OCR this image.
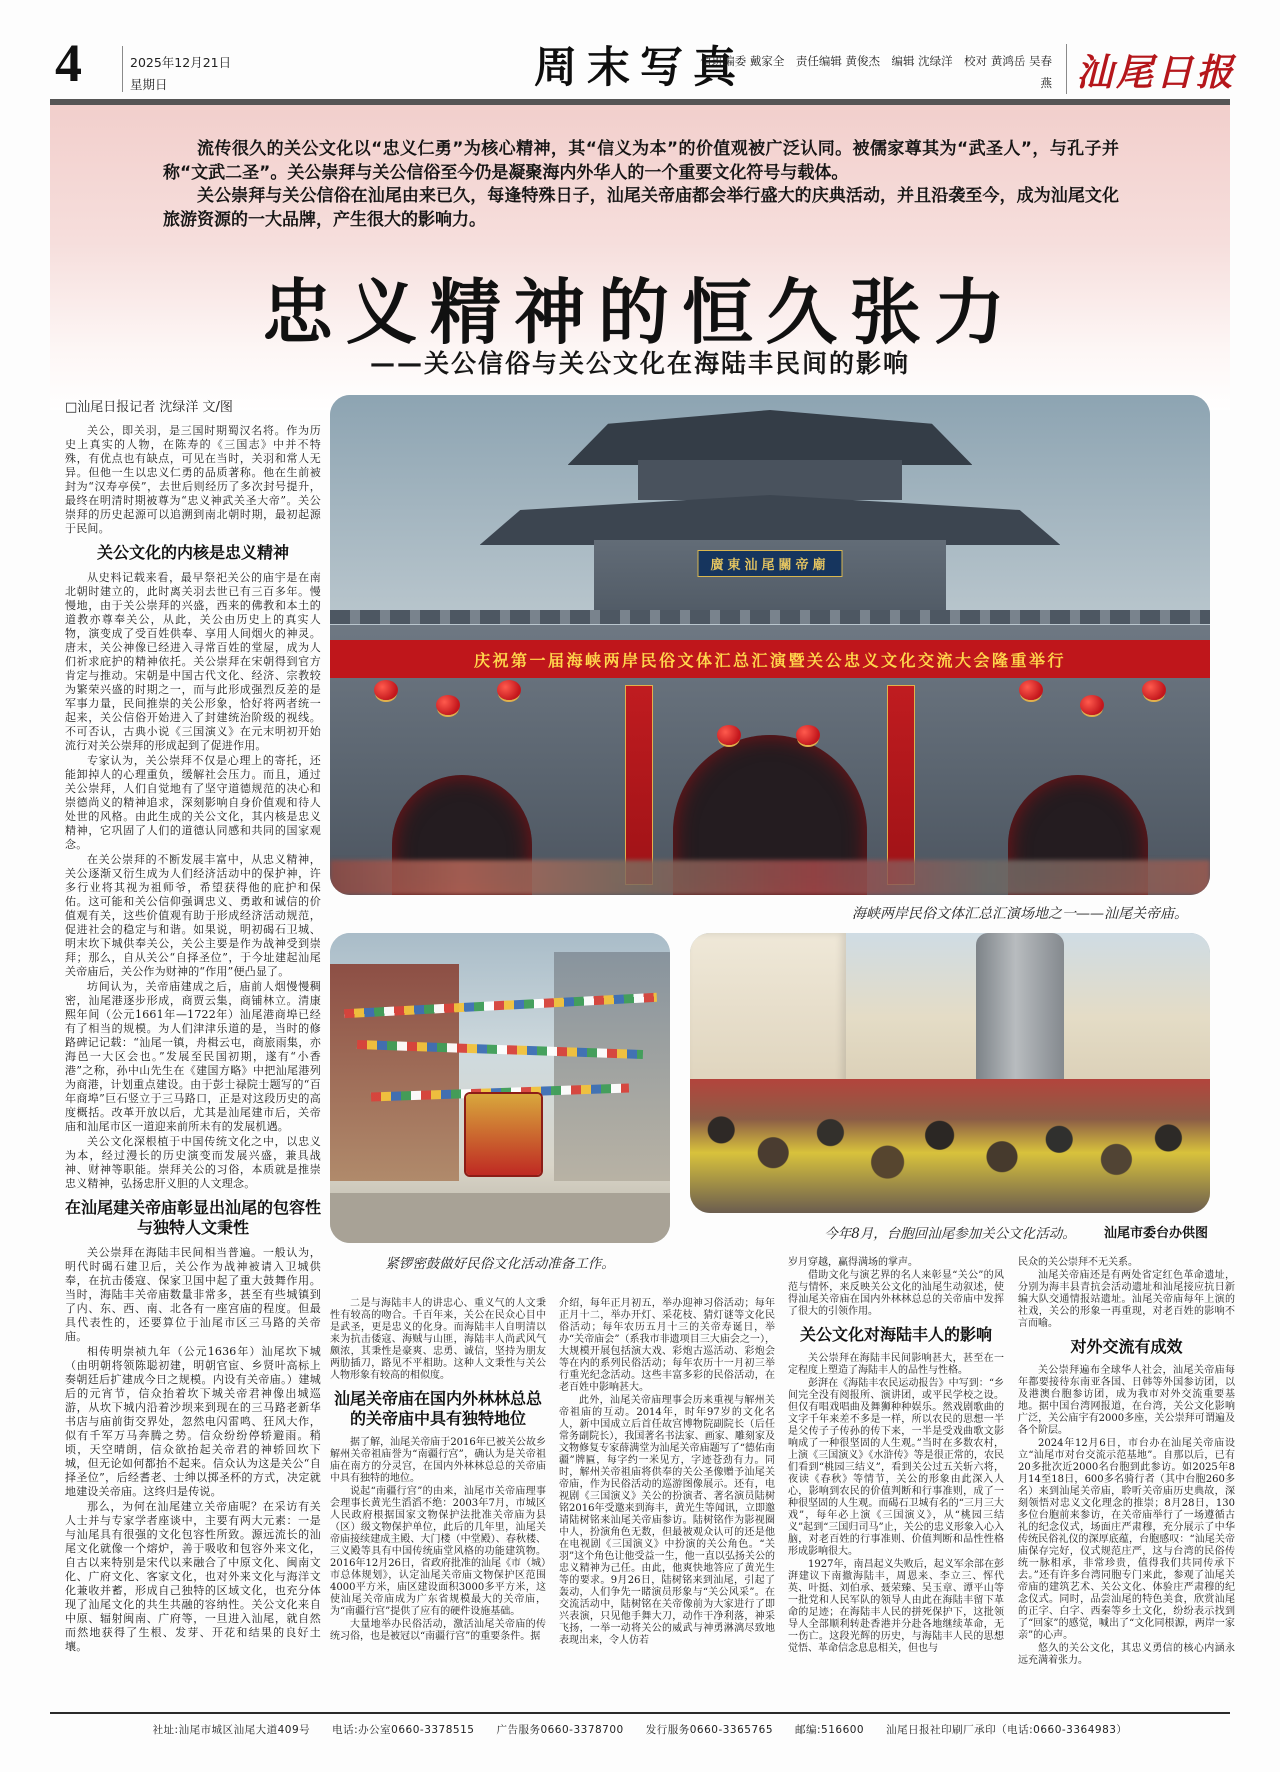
4	2025年12月21日
星期日	周末写真
值班编委 戴家全　责任编辑 黄俊杰　编辑 沈绿洋　校对 黄鸿岳 吴春燕 汕尾日报

流传很久的关公文化以“忠义仁勇”为核心精神，其“信义为本”的价值观被广泛认同。被儒家尊其为“武圣人”，与孔子并称“文武二圣”。关公崇拜与关公信俗至今仍是凝聚海内外华人的一个重要文化符号与载体。

关公崇拜与关公信俗在汕尾由来已久，每逢特殊日子，汕尾关帝庙都会举行盛大的庆典活动，并且沿袭至今，成为汕尾文化旅游资源的一大品牌，产生很大的影响力。

忠义精神的恒久张力
——关公信俗与关公文化在海陆丰民间的影响
□汕尾日报记者 沈绿洋 文/图

关公，即关羽，是三国时期蜀汉名将。作为历史上真实的人物，在陈寿的《三国志》中并不特殊，有优点也有缺点，可见在当时，关羽和常人无异。但他一生以忠义仁勇的品质著称。他在生前被封为“汉寿亭侯”，去世后则经历了多次封号提升，最终在明清时期被尊为“忠义神武关圣大帝”。关公崇拜的历史起源可以追溯到南北朝时期，最初起源于民间。

关公文化的内核是忠义精神

从史料记载来看，最早祭祀关公的庙宇是在南北朝时建立的，此时离关羽去世已有三百多年。慢慢地，由于关公崇拜的兴盛，西来的佛教和本土的道教亦尊奉关公，从此，关公由历史上的真实人物，演变成了受百姓供奉、享用人间烟火的神灵。唐末，关公神像已经进入寻常百姓的堂屋，成为人们祈求庇护的精神依托。关公崇拜在宋朝得到官方肯定与推动。宋朝是中国古代文化、经济、宗教较为繁荣兴盛的时期之一，而与此形成强烈反差的是军事力量，民间推崇的关公形象，恰好将两者统一起来，关公信俗开始进入了封建统治阶级的视线。不可否认，古典小说《三国演义》在元末明初开始流行对关公崇拜的形成起到了促进作用。

专家认为，关公崇拜不仅是心理上的寄托，还能卸掉人的心理重负，缓解社会压力。而且，通过关公崇拜，人们自觉地有了坚守道德规范的决心和崇德尚义的精神追求，深刻影响自身价值观和待人处世的风格。由此生成的关公文化，其内核是忠义精神，它巩固了人们的道德认同感和共同的国家观念。

在关公崇拜的不断发展丰富中，从忠义精神，关公逐渐又衍生成为人们经济活动中的保护神，许多行业将其视为祖师爷，希望获得他的庇护和保佑。这可能和关公信仰强调忠义、勇敢和诚信的价值观有关，这些价值观有助于形成经济活动规范，促进社会的稳定与和谐。如果说，明初碣石卫城、明末坎下城供奉关公，关公主要是作为战神受到崇拜；那么，自从关公“自择圣位”，于今址建起汕尾关帝庙后，关公作为财神的“作用”便凸显了。

坊间认为，关帝庙建成之后，庙前人烟慢慢稠密，汕尾港逐步形成，商贾云集，商铺林立。清康熙年间（公元1661年—1722年）汕尾港商埠已经有了相当的规模。为人们津津乐道的是，当时的修路碑记记载：“汕尾一镇，舟楫云屯，商旅雨集，亦海邑一大区会也。”发展至民国初期，遂有“小香港”之称，孙中山先生在《建国方略》中把汕尾港列为商港，计划重点建设。由于彭士禄院士题写的“百年商埠”巨石竖立于三马路口，正是对这段历史的高度概括。改革开放以后，尤其是汕尾建市后，关帝庙和汕尾市区一道迎来前所未有的发展机遇。

关公文化深根植于中国传统文化之中，以忠义为本，经过漫长的历史演变而发展兴盛，兼具战神、财神等职能。崇拜关公的习俗，本质就是推崇忠义精神，弘扬忠肝义胆的人文理念。

在汕尾建关帝庙彰显出汕尾的包容性与独特人文秉性

关公崇拜在海陆丰民间相当普遍。一般认为，明代时碣石建卫后，关公作为战神被请入卫城供奉，在抗击倭寇、保家卫国中起了重大鼓舞作用。当时，海陆丰关帝庙数量非常多，甚至有些城镇到了内、东、西、南、北各有一座宫庙的程度。但最具代表性的，还要算位于汕尾市区三马路的关帝庙。

相传明崇祯九年（公元1636年）汕尾坎下城（由明朝将领陈聪初建，明朝官宦、乡贤叶高标上奏朝廷后扩建成今日之规模。内设有关帝庙。）建城后的元宵节，信众抬着坎下城关帝君神像出城巡游，从坎下城内沿着沙坝来到现在的三马路老新华书店与庙前街交界处，忽然电闪雷鸣、狂风大作，似有千军万马奔腾之势。信众纷纷停轿避雨。稍顷，天空晴朗，信众欲抬起关帝君的神轿回坎下城，但无论如何都抬不起来。信众认为这是关公“自择圣位”，后经耆老、士绅以掷圣杯的方式，决定就地建设关帝庙。这终归是传说。

那么，为何在汕尾建立关帝庙呢？在采访有关人士并与专家学者座谈中，主要有两大元素：一是与汕尾具有很强的文化包容性所致。源远流长的汕尾文化就像一个熔炉，善于吸收和包容外来文化，自古以来特别是宋代以来融合了中原文化、闽南文化、广府文化、客家文化，也对外来文化与海洋文化兼收并蓄，形成自己独特的区域文化，也充分体现了汕尾文化的共生共融的容纳性。关公文化来自中原、辐射闽南、广府等，一旦进入汕尾，就自然而然地获得了生根、发芽、开花和结果的良好土壤。

二是与海陆丰人的讲忠心、重义气的人文秉性有较高的吻合。千百年来，关公在民众心目中是武圣，更是忠义的化身。而海陆丰人自明清以来为抗击倭寇、海贼与山匪，海陆丰人尚武风气颇浓，其秉性是豪爽、忠勇、诚信，坚持为朋友两肋插刀，路见不平相助。这种人文秉性与关公人物形象有较高的相似度。

汕尾关帝庙在国内外林林总总的关帝庙中具有独特地位

据了解，汕尾关帝庙于2016年已被关公故乡解州关帝祖庙誉为“南疆行宫”，确认为是关帝祖庙在南方的分灵宫，在国内外林林总总的关帝庙中具有独特的地位。

说起“南疆行宫”的由来，汕尾市关帝庙理事会理事长黄光生滔滔不绝：2003年7月，市城区人民政府根据国家文物保护法批准关帝庙为县（区）级文物保护单位，此后的几年里，汕尾关帝庙接续建成主殿、大门楼（中堂殿）、春秋楼、三义殿等具有中国传统庙堂风格的功能建筑物。2016年12月26日，省政府批准的汕尾《市（城）市总体规划》，认定汕尾关帝庙文物保护区范围4000平方米，庙区建设面积3000多平方米，这使汕尾关帝庙成为广东省规模最大的关帝庙，为“南疆行宫”提供了应有的硬件设施基础。

大量地举办民俗活动，激活汕尾关帝庙的传统习俗，也是被冠以“南疆行宫”的重要条件。据

介绍，每年正月初五，举办迎神习俗活动；每年正月十二，举办开灯、采花枝、猜灯谜等文化民俗活动；每年农历五月十三的关帝寿诞日，举办“关帝庙会”（系我市非遗项目三大庙会之一），大规模开展包括演大戏、彩炮古巡活动、彩炮会等在内的系列民俗活动；每年农历十一月初三举行重光纪念活动。这些丰富多彩的民俗活动，在老百姓中影响甚大。

此外，汕尾关帝庙理事会历来重视与解州关帝祖庙的互动。2014年，时年97岁的文化名人，新中国成立后首任故宫博物院副院长（后任常务副院长），我国著名书法家、画家、雕刻家及文物修复专家薛满堂为汕尾关帝庙题写了“德佑南疆”牌匾，每字约一米见方，字迹苍劲有力。同时，解州关帝祖庙将供奉的关公圣像赠予汕尾关帝庙，作为民俗活动的巡游图像展示。还有，电视剧《三国演义》关公的扮演者、著名演员陆树铭2016年受邀来到海丰，黄光生等闻讯，立即邀请陆树铭来汕尾关帝庙参访。陆树铭作为影视圈中人，扮演角色无数，但最被观众认可的还是他在电视剧《三国演义》中扮演的关公角色。“关羽”这个角色让他受益一生，他一直以弘扬关公的忠义精神为己任。由此，他爽快地答应了黄光生等的要求。9月26日，陆树铭来到汕尾，引起了轰动，人们争先一睹演员形象与“关公风采”。在交流活动中，陆树铭在关帝像前为大家进行了即兴表演，只见他手舞大刀，动作干净利落，神采飞扬，一举一动将关公的威武与神勇淋漓尽致地表现出来，令人仿若

岁月穿越，赢得满场的掌声。

借助文化与演艺界的名人来彰显“关公”的风范与情怀，来反映关公文化的汕尾生动叙述，使得汕尾关帝庙在国内外林林总总的关帝庙中发挥了很大的引领作用。

关公文化对海陆丰人的影响

关公崇拜在海陆丰民间影响甚大，甚至在一定程度上塑造了海陆丰人的品性与性格。

彭湃在《海陆丰农民运动报告》中写到：“乡间完全没有阅报所、演讲团，或平民学校之设。但仅有唱戏唱曲及舞狮种种娱乐。然戏剧歌曲的文字千年来差不多是一样，所以农民的思想一半是父传子子传孙的传下来，一半是受戏曲歌文影响成了一种很坚固的人生观。”当时在多数农村，上演《三国演义》《水浒传》等是很正常的，农民们看到“桃园三结义”，看到关公过五关斩六将，夜读《春秋》等情节，关公的形象由此深入人心，影响到农民的价值判断和行事准则，成了一种很坚固的人生观。而碣石卫城有名的“三月三大戏”，每年必上演《三国演义》，从“桃园三结义”起到“三国归司马”止，关公的忠义形象入心入脑，对老百姓的行事准则、价值判断和品性性格形成影响很大。

1927年，南昌起义失败后，起义军余部在彭湃建议下南撤海陆丰，周恩来、李立三、恽代英、叶挺、刘伯承、聂荣臻、吴玉章、谭平山等一批党和人民军队的领导人由此在海陆丰留下革命的足迹；在海陆丰人民的拼死保护下，这批领导人全部顺利转赴香港并分赴各地继续革命，无一伤亡。这段光辉的历史，与海陆丰人民的思想觉悟、革命信念息息相关，但也与

民众的关公崇拜不无关系。

汕尾关帝庙还是有两处省定红色革命遗址，分别为海丰县青抗会活动遗址和汕尾接应抗日新编大队交通情报站遗址。汕尾关帝庙每年上演的社戏，关公的形象一再重现，对老百姓的影响不言而喻。

对外交流有成效

关公崇拜遍布全球华人社会，汕尾关帝庙每年都要接待东南亚各国、日韩等外国参访团，以及港澳台胞参访团，成为我市对外交流重要基地。据中国台湾网报道，在台湾，关公文化影响广泛，关公庙宇有2000多座，关公崇拜可谓遍及各个阶层。

2024年12月6日，市台办在汕尾关帝庙设立“汕尾市对台交流示范基地”。自那以后，已有20多批次近2000名台胞到此参访。如2025年8月14至18日，600多名骑行者（其中台胞260多名）来到汕尾关帝庙，聆听关帝庙历史典故，深刻领悟对忠义文化理念的推崇；8月28日，130多位台胞前来参访，在关帝庙举行了一场遵循古礼的纪念仪式，场面庄严肃穆，充分展示了中华传统民俗礼仪的深厚底蕴，台胞感叹：“汕尾关帝庙保存完好，仪式规范庄严，这与台湾的民俗传统一脉相承，非常珍贵，值得我们共同传承下去。”还有许多台湾同胞专门来此，参观了汕尾关帝庙的建筑艺术、关公文化、体验庄严肃穆的纪念仪式。同时，品尝汕尾的特色美食，欣赏汕尾的正字、白字、西秦等乡土文化，纷纷表示找到了“回家”的感觉，喊出了“文化同根源，两岸一家亲”的心声。

悠久的关公文化，其忠义勇信的核心内涵永远充满着张力。

廣東汕尾關帝廟
庆祝第一届海峡两岸民俗文体汇总汇演暨关公忠义文化交流大会隆重举行
海峡两岸民俗文体汇总汇演场地之一——汕尾关帝庙。
紧锣密鼓做好民俗文化活动准备工作。
今年8月，台胞回汕尾参加关公文化活动。	汕尾市委台办供图
社址:汕尾市城区汕尾大道409号　　电话:办公室0660-3378515　　广告服务0660-3378700　　发行服务0660-3365765　　邮编:516600　　汕尾日报社印刷厂承印（电话:0660-3364983）
